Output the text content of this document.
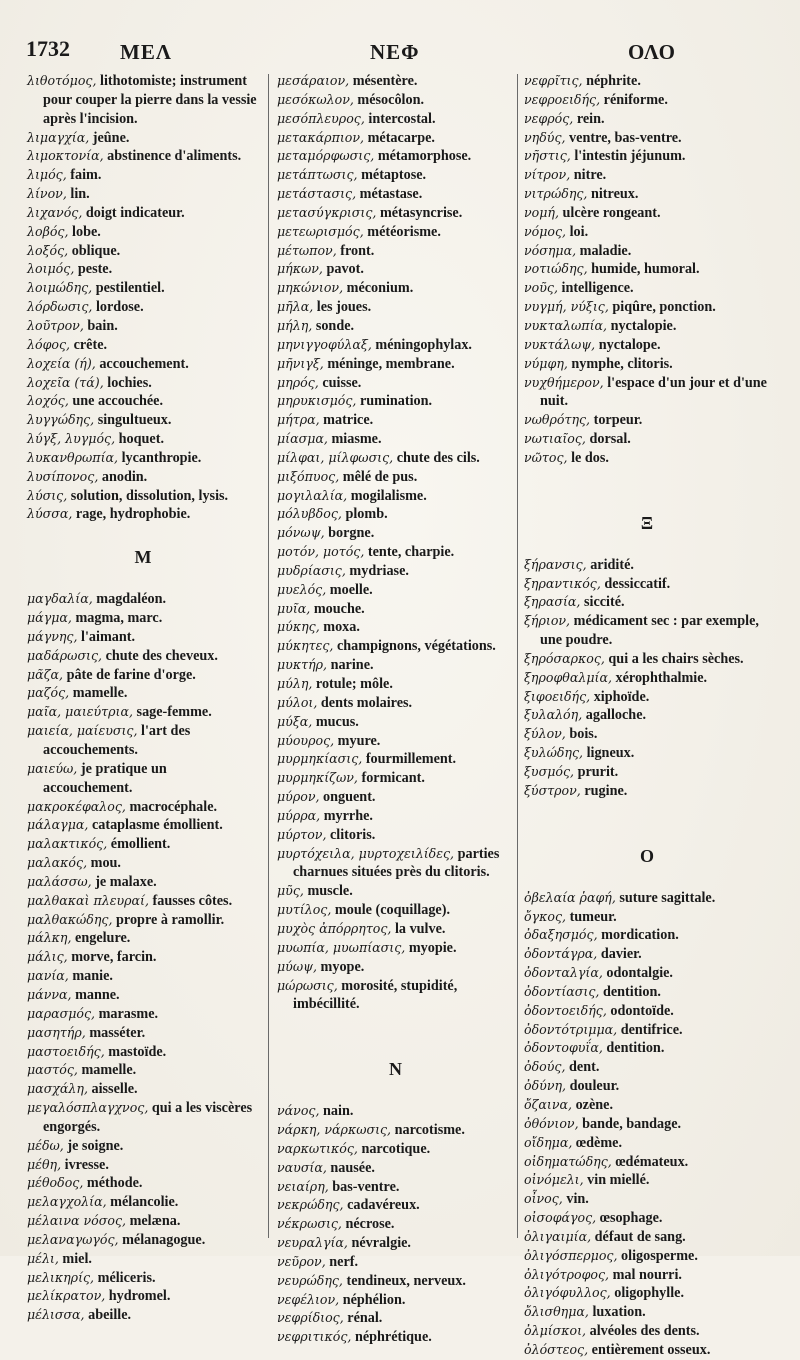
1732 ΜΕΛ	ΝΕΦ	ΟΛΟ
λιθοτόμος, lithotomiste; instrument pour couper la pierre dans la vessie après l'incision.
λιμαγχία, jeûne.
λιμοκτονία, abstinence d'aliments.
λιμός, faim.
λίνον, lin.
λιχανός, doigt indicateur.
λοβός, lobe.
λοξός, oblique.
λοιμός, peste.
λοιμώδης, pestilentiel.
λόρδωσις, lordose.
λοῦτρον, bain.
λόφος, crête.
λοχεία (ή), accouchement.
λοχεῖα (τά), lochies.
λοχός, une accouchée.
λυγγώδης, singultueux.
λύγξ, λυγμός, hoquet.
λυκανθρωπία, lycanthropie.
λυσίπονος, anodin.
λύσις, solution, dissolution, lysis.
λύσσα, rage, hydrophobie.
M
μαγδαλία, magdaléon.
μάγμα, magma, marc.
μάγνης, l'aimant.
μαδάρωσις, chute des cheveux.
μᾶζα, pâte de farine d'orge.
μαζός, mamelle.
μαῖα, μαιεύτρια, sage-femme.
μαιεία, μαίευσις, l'art des accouchements.
μαιεύω, je pratique un accouchement.
μακροκέφαλος, macrocéphale.
μάλαγμα, cataplasme émollient.
μαλακτικός, émollient.
μαλακός, mou.
μαλάσσω, je malaxe.
μαλθακαὶ πλευραί, fausses côtes.
μαλθακώδης, propre à ramollir.
μάλκη, engelure.
μάλις, morve, farcin.
μανία, manie.
μάννα, manne.
μαρασμός, marasme.
μασητήρ, masséter.
μαστοειδής, mastoïde.
μαστός, mamelle.
μασχάλη, aisselle.
μεγαλόσπλαγχνος, qui a les viscères engorgés.
μέδω, je soigne.
μέθη, ivresse.
μέθοδος, méthode.
μελαγχολία, mélancolie.
μέλαινα νόσος, melæna.
μελαναγωγός, mélanagogue.
μέλι, miel.
μελικηρίς, méliceris.
μελίκρατον, hydromel.
μέλισσα, abeille.
μεσάραιον, mésentère.
μεσόκωλον, mésocôlon.
μεσόπλευρος, intercostal.
μετακάρπιον, métacarpe.
μεταμόρφωσις, métamorphose.
μετάπτωσις, métaptose.
μετάστασις, métastase.
μετασύγκρισις, métasyncrise.
μετεωρισμός, météorisme.
μέτωπον, front.
μήκων, pavot.
μηκώνιον, méconium.
μῆλα, les joues.
μήλη, sonde.
μηνιγγοφύλαξ, méningophylax.
μῆνιγξ, méninge, membrane.
μηρός, cuisse.
μηρυκισμός, rumination.
μήτρα, matrice.
μίασμα, miasme.
μίλφαι, μίλφωσις, chute des cils.
μιξόπυος, mêlé de pus.
μογιλαλία, mogilalisme.
μόλυβδος, plomb.
μόνωψ, borgne.
μοτόν, μοτός, tente, charpie.
μυδρίασις, mydriase.
μυελός, moelle.
μυῖα, mouche.
μύκης, moxa.
μύκητες, champignons, végétations.
μυκτήρ, narine.
μύλη, rotule; môle.
μύλοι, dents molaires.
μύξα, mucus.
μύουρος, myure.
μυρμηκίασις, fourmillement.
μυρμηκίζων, formicant.
μύρον, onguent.
μύρρα, myrrhe.
μύρτον, clitoris.
μυρτόχειλα, μυρτοχειλίδες, parties charnues situées près du clitoris.
μῦς, muscle.
μυτίλος, moule (coquillage).
μυχὸς ἀπόρρητος, la vulve.
μυωπία, μυωπίασις, myopie.
μύωψ, myope.
μώρωσις, morosité, stupidité, imbécillité.
N
νάνος, nain.
νάρκη, νάρκωσις, narcotisme.
ναρκωτικός, narcotique.
ναυσία, nausée.
νειαίρη, bas-ventre.
νεκρώδης, cadavéreux.
νέκρωσις, nécrose.
νευραλγία, névralgie.
νεῦρον, nerf.
νευρώδης, tendineux, nerveux.
νεφέλιον, néphélion.
νεφρίδιος, rénal.
νεφριτικός, néphrétique.
νεφρῖτις, néphrite.
νεφροειδής, réniforme.
νεφρός, rein.
νηδύς, ventre, bas-ventre.
νῆστις, l'intestin jéjunum.
νίτρον, nitre.
νιτρώδης, nitreux.
νομή, ulcère rongeant.
νόμος, loi.
νόσημα, maladie.
νοτιώδης, humide, humoral.
νοῦς, intelligence.
νυγμή, νύξις, piqûre, ponction.
νυκταλωπία, nyctalopie.
νυκτάλωψ, nyctalope.
νύμφη, nymphe, clitoris.
νυχθήμερον, l'espace d'un jour et d'une nuit.
νωθρότης, torpeur.
νωτιαῖος, dorsal.
νῶτος, le dos.
Ξ
ξήρανσις, aridité.
ξηραντικός, dessiccatif.
ξηρασία, siccité.
ξήριον, médicament sec : par exemple, une poudre.
ξηρόσαρκος, qui a les chairs sèches.
ξηροφθαλμία, xérophthalmie.
ξιφοειδής, xiphoïde.
ξυλαλόη, agalloche.
ξύλον, bois.
ξυλώδης, ligneux.
ξυσμός, prurit.
ξύστρον, rugine.
O
ὀβελαία ῥαφή, suture sagittale.
ὄγκος, tumeur.
ὀδαξησμός, mordication.
ὀδοντάγρα, davier.
ὀδονταλγία, odontalgie.
ὀδοντίασις, dentition.
ὀδοντοειδής, odontoïde.
ὀδοντότριμμα, dentifrice.
ὀδοντοφυΐα, dentition.
ὀδούς, dent.
ὀδύνη, douleur.
ὄζαινα, ozène.
ὀθόνιον, bande, bandage.
οἴδημα, œdème.
οἰδηματώδης, œdémateux.
οἰνόμελι, vin miellé.
οἶνος, vin.
οἰσοφάγος, œsophage.
ὀλιγαιμία, défaut de sang.
ὀλιγόσπερμος, oligosperme.
ὀλιγότροφος, mal nourri.
ὀλιγόφυλλος, oligophylle.
ὄλισθημα, luxation.
ὀλμίσκοι, alvéoles des dents.
ὀλόστεος, entièrement osseux.
